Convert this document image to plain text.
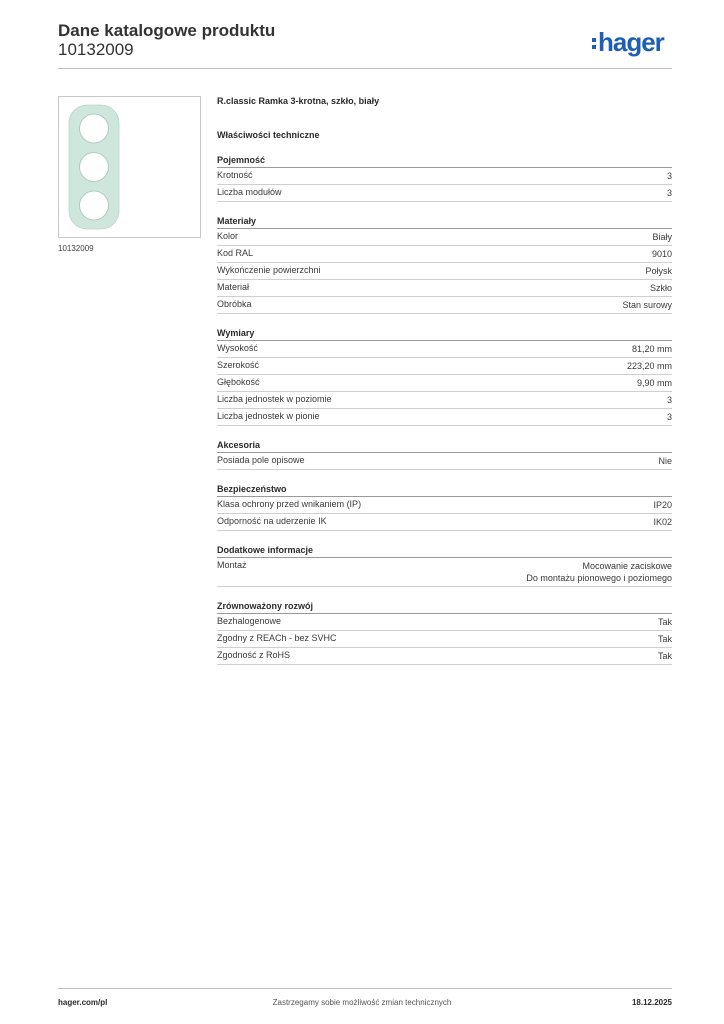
Dane katalogowe produktu
10132009	hager
10132009
R.classic Ramka 3-krotna, szkło, biały
Właściwości techniczne
Pojemność
Krotność	3
Liczba modułów	3
Materiały
Kolor	Biały
Kod RAL	9010
Wykończenie powierzchni	Połysk
Materiał	Szkło
Obróbka	Stan surowy
Wymiary
Wysokość	81,20 mm
Szerokość	223,20 mm
Głębokość	9,90 mm
Liczba jednostek w poziomie	3
Liczba jednostek w pionie	3
Akcesoria
Posiada pole opisowe	Nie
Bezpieczeństwo
Klasa ochrony przed wnikaniem (IP)	IP20
Odporność na uderzenie IK	IK02
Dodatkowe informacje
Montaż	Mocowanie zaciskowe
Do montażu pionowego i poziomego
Zrównoważony rozwój
Bezhalogenowe	Tak
Zgodny z REACh - bez SVHC	Tak
Zgodność z RoHS	Tak
hager.com/pl	Zastrzegamy sobie możliwość zmian technicznych	18.12.2025
